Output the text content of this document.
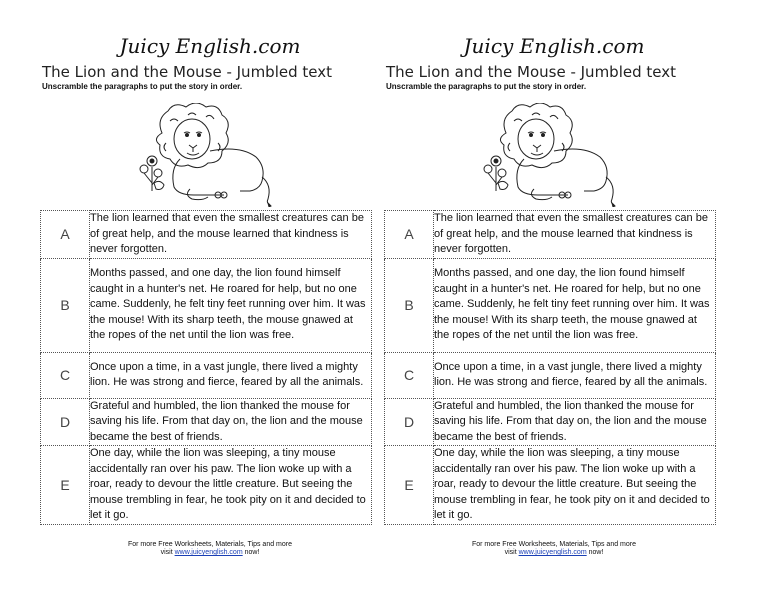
Juicy English.com
The Lion and the Mouse - Jumbled text
Unscramble the paragraphs to put the story in order.
A	The lion learned that even the smallest creatures can be of great help, and the mouse learned that kindness is never forgotten.
B	Months passed, and one day, the lion found himself caught in a hunter's net. He roared for help, but no one came. Suddenly, he felt tiny feet running over him. It was the mouse! With its sharp teeth, the mouse gnawed at the ropes of the net until the lion was free.
C	Once upon a time, in a vast jungle, there lived a mighty lion. He was strong and fierce, feared by all the animals.
D	Grateful and humbled, the lion thanked the mouse for saving his life. From that day on, the lion and the mouse became the best of friends.
E	One day, while the lion was sleeping, a tiny mouse accidentally ran over his paw. The lion woke up with a roar, ready to devour the little creature. But seeing the mouse trembling in fear, he took pity on it and decided to let it go.
For more Free Worksheets, Materials, Tips and more
visit www.juicyenglish.com now!
Juicy English.com
The Lion and the Mouse - Jumbled text
Unscramble the paragraphs to put the story in order.
A	The lion learned that even the smallest creatures can be of great help, and the mouse learned that kindness is never forgotten.
B	Months passed, and one day, the lion found himself caught in a hunter's net. He roared for help, but no one came. Suddenly, he felt tiny feet running over him. It was the mouse! With its sharp teeth, the mouse gnawed at the ropes of the net until the lion was free.
C	Once upon a time, in a vast jungle, there lived a mighty lion. He was strong and fierce, feared by all the animals.
D	Grateful and humbled, the lion thanked the mouse for saving his life. From that day on, the lion and the mouse became the best of friends.
E	One day, while the lion was sleeping, a tiny mouse accidentally ran over his paw. The lion woke up with a roar, ready to devour the little creature. But seeing the mouse trembling in fear, he took pity on it and decided to let it go.
For more Free Worksheets, Materials, Tips and more
visit www.juicyenglish.com now!
